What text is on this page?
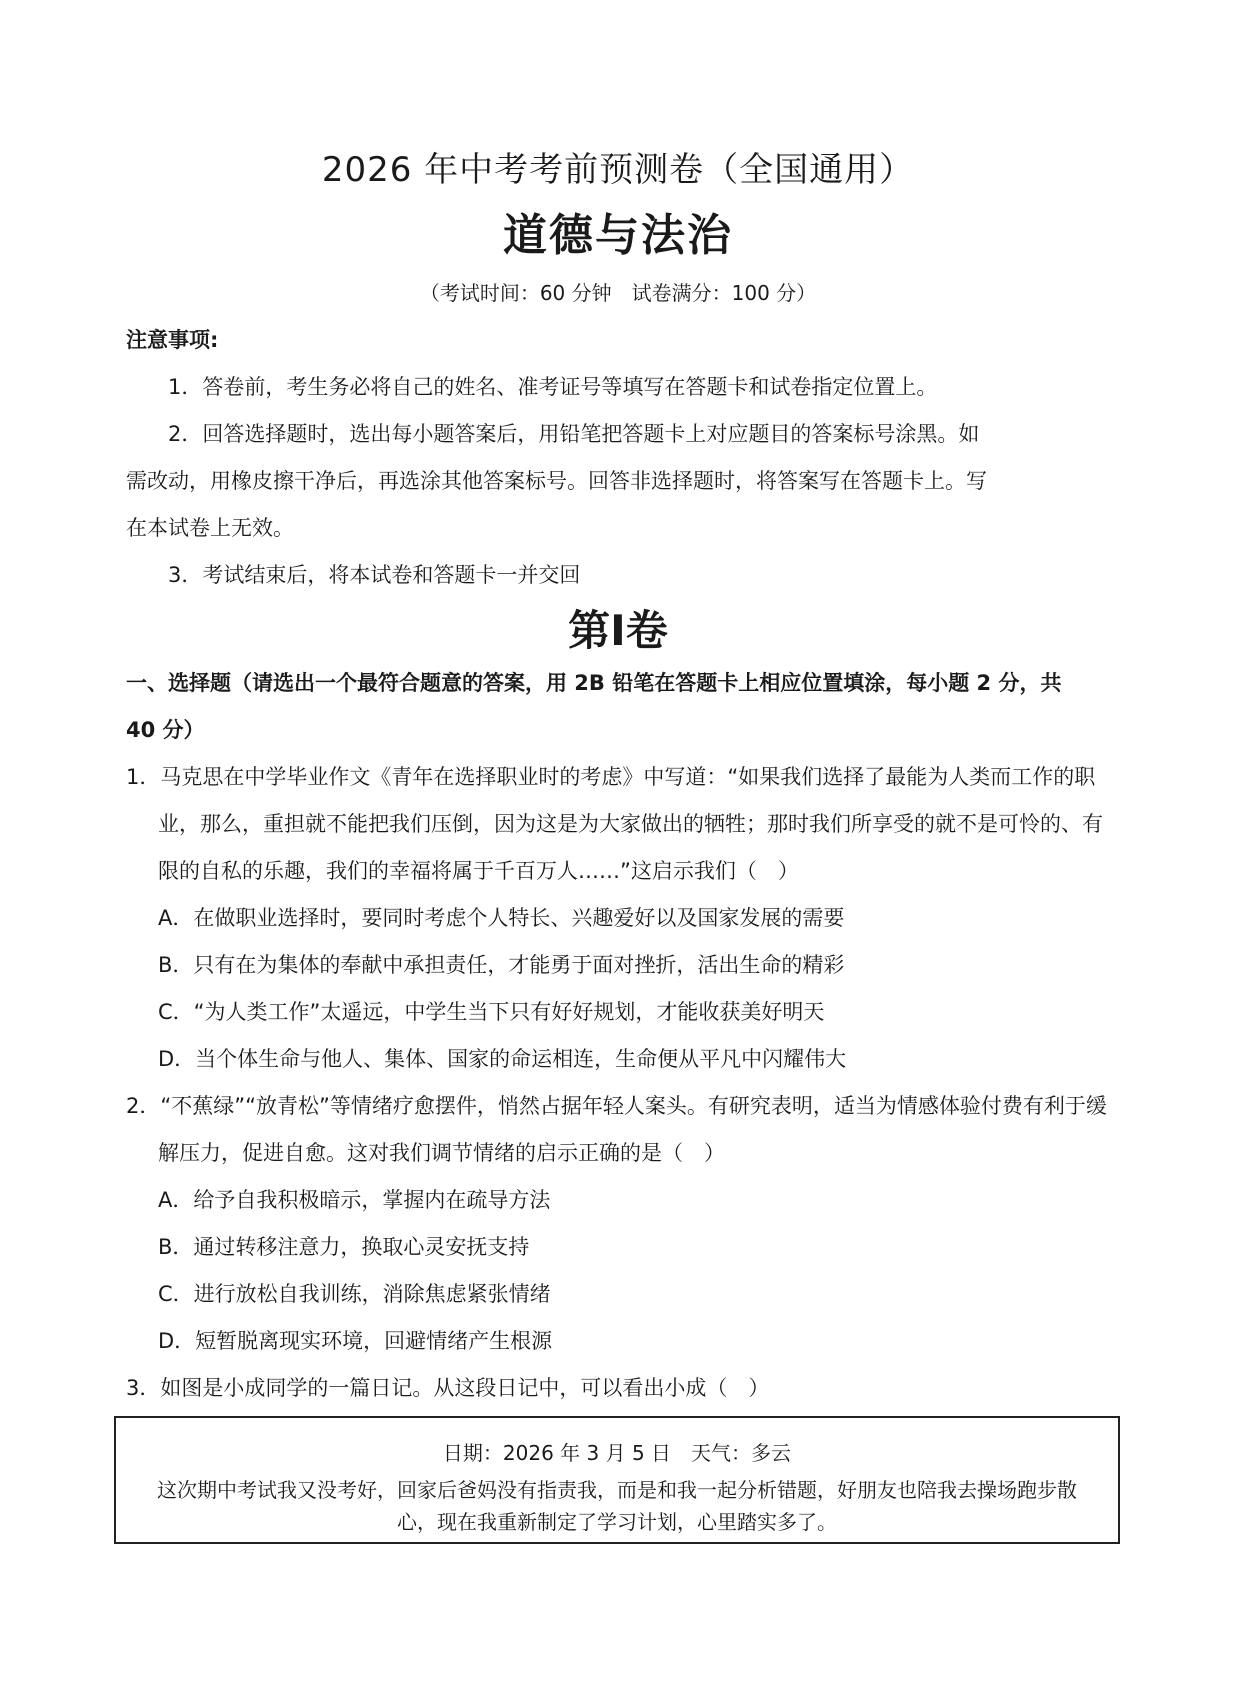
2026 年中考考前预测卷（全国通用）
道德与法治
（考试时间：60 分钟　试卷满分：100 分）
注意事项:
1．答卷前，考生务必将自己的姓名、准考证号等填写在答题卡和试卷指定位置上。
2．回答选择题时，选出每小题答案后，用铅笔把答题卡上对应题目的答案标号涂黑。如
需改动，用橡皮擦干净后，再选涂其他答案标号。回答非选择题时，将答案写在答题卡上。写
在本试卷上无效。
3．考试结束后，将本试卷和答题卡一并交回
第Ⅰ卷
一、选择题（请选出一个最符合题意的答案，用 2B 铅笔在答题卡上相应位置填涂，每小题 2 分，共
40 分）
1．马克思在中学毕业作文《青年在选择职业时的考虑》中写道：“如果我们选择了最能为人类而工作的职
业，那么，重担就不能把我们压倒，因为这是为大家做出的牺牲；那时我们所享受的就不是可怜的、有
限的自私的乐趣，我们的幸福将属于千百万人……”这启示我们（　）
A．在做职业选择时，要同时考虑个人特长、兴趣爱好以及国家发展的需要
B．只有在为集体的奉献中承担责任，才能勇于面对挫折，活出生命的精彩
C．“为人类工作”太遥远，中学生当下只有好好规划，才能收获美好明天
D．当个体生命与他人、集体、国家的命运相连，生命便从平凡中闪耀伟大
2．“不蕉绿”“放青松”等情绪疗愈摆件，悄然占据年轻人案头。有研究表明，适当为情感体验付费有利于缓
解压力，促进自愈。这对我们调节情绪的启示正确的是（　）
A．给予自我积极暗示，掌握内在疏导方法
B．通过转移注意力，换取心灵安抚支持
C．进行放松自我训练，消除焦虑紧张情绪
D．短暂脱离现实环境，回避情绪产生根源
3．如图是小成同学的一篇日记。从这段日记中，可以看出小成（　）
日期：2026 年 3 月 5 日　天气：多云
这次期中考试我又没考好，回家后爸妈没有指责我，而是和我一起分析错题，好朋友也陪我去操场跑步散
心，现在我重新制定了学习计划，心里踏实多了。
